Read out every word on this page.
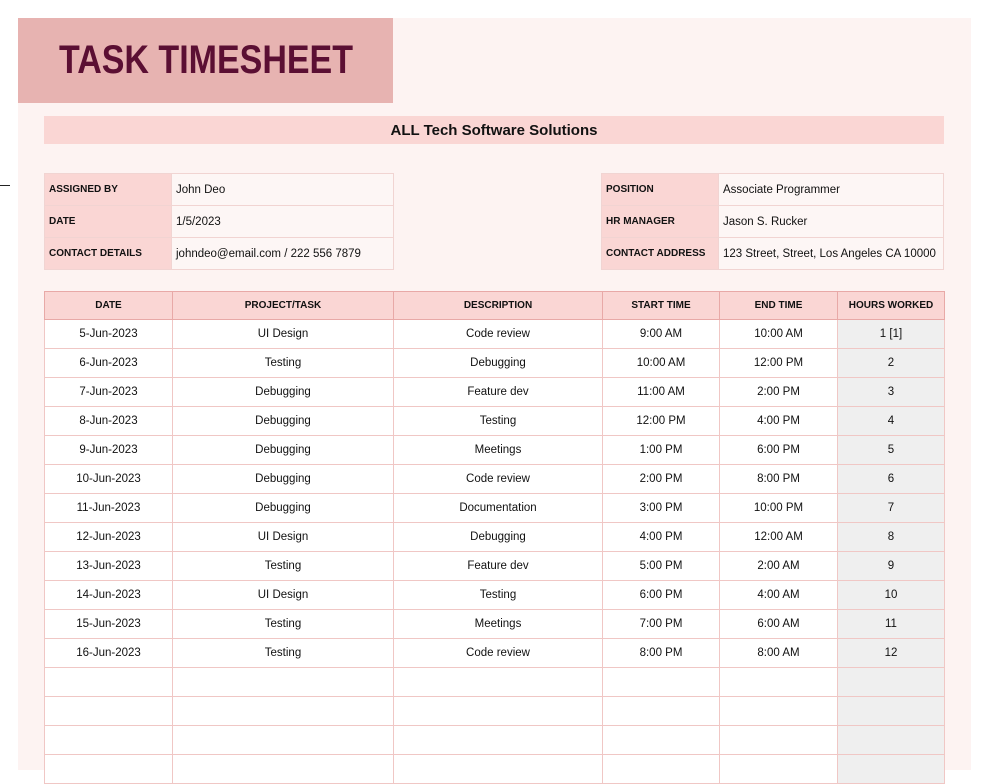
TASK TIMESHEET
ALL Tech Software Solutions
ASSIGNED BY	John Deo
DATE	1/5/2023
CONTACT DETAILS	johndeo@email.com / 222 556 7879
POSITION	Associate Programmer
HR MANAGER	Jason S. Rucker
CONTACT ADDRESS	123 Street, Street, Los Angeles CA 10000
DATE	PROJECT/TASK	DESCRIPTION	START TIME	END TIME	HOURS WORKED
5-Jun-2023	UI Design	Code review	9:00 AM	10:00 AM	1 [1]
6-Jun-2023	Testing	Debugging	10:00 AM	12:00 PM	2
7-Jun-2023	Debugging	Feature dev	11:00 AM	2:00 PM	3
8-Jun-2023	Debugging	Testing	12:00 PM	4:00 PM	4
9-Jun-2023	Debugging	Meetings	1:00 PM	6:00 PM	5
10-Jun-2023	Debugging	Code review	2:00 PM	8:00 PM	6
11-Jun-2023	Debugging	Documentation	3:00 PM	10:00 PM	7
12-Jun-2023	UI Design	Debugging	4:00 PM	12:00 AM	8
13-Jun-2023	Testing	Feature dev	5:00 PM	2:00 AM	9
14-Jun-2023	UI Design	Testing	6:00 PM	4:00 AM	10
15-Jun-2023	Testing	Meetings	7:00 PM	6:00 AM	11
16-Jun-2023	Testing	Code review	8:00 PM	8:00 AM	12
